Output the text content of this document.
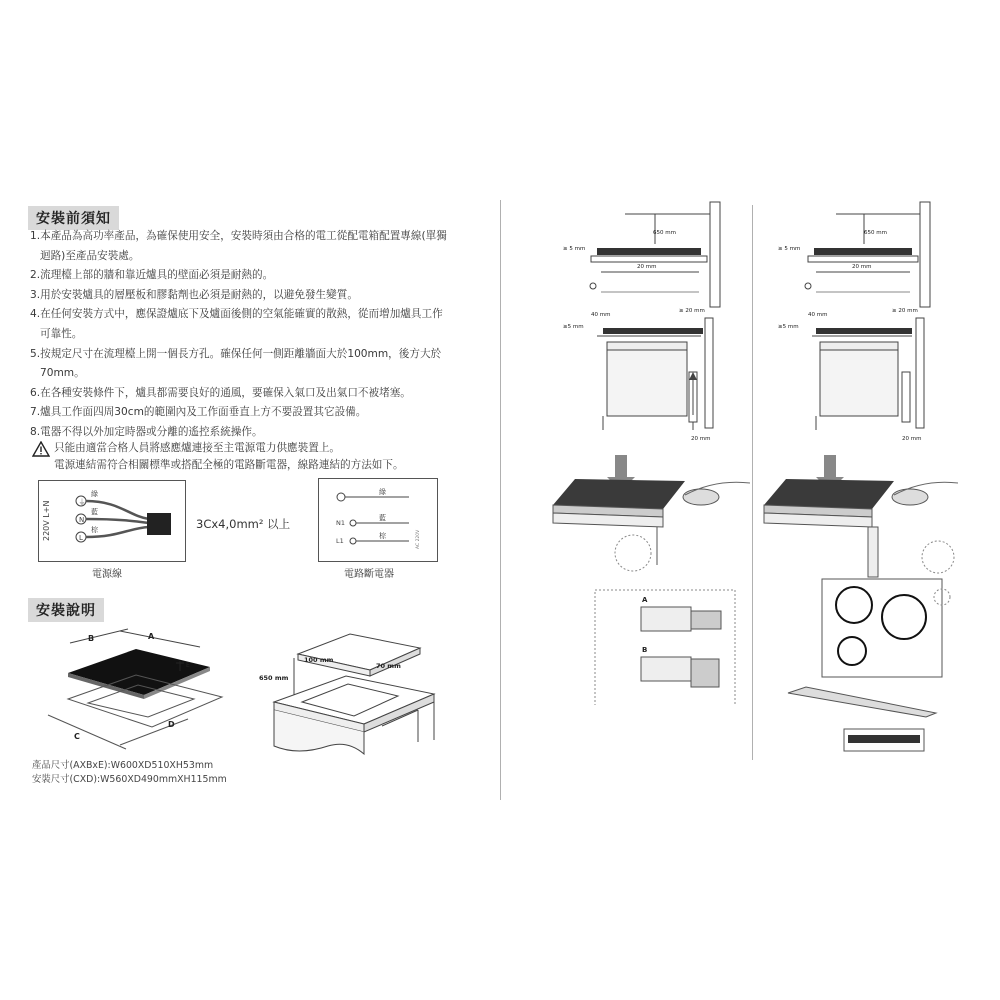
安裝前須知
1.本產品為高功率產品，為確保使用安全，安裝時須由合格的電工從配電箱配置專線(單獨
迴路)至產品安裝處。
2.流理檯上部的牆和靠近爐具的壁面必須是耐熱的。
3.用於安裝爐具的層壓板和膠黏劑也必須是耐熱的，以避免發生變質。
4.在任何安裝方式中，應保證爐底下及爐面後側的空氣能確實的散熱，從而增加爐具工作
可靠性。
5.按規定尺寸在流理檯上開一個長方孔。確保任何一側距離牆面大於100mm，後方大於
70mm。
6.在各種安裝條件下，爐具都需要良好的通風，要確保入氣口及出氣口不被堵塞。
7.爐具工作面四周30cm的範圍內及工作面垂直上方不要設置其它設備。
8.電器不得以外加定時器或分離的遙控系統操作。
只能由適當合格人員將感應爐連接至主電源電力供應裝置上。
電源連結需符合相關標準或搭配全極的電路斷電器，線路連結的方法如下。
220V L+N	⏚
N
L
綠
藍
棕	3Cx4,0mm² 以上
電源線
N1
L1
綠
藍
棕	AC 220V
電路斷電器
安裝說明
B	A
E
C
D
650 mm
100 mm
70 mm
產品尺寸(AXBxE):W600XD510XH53mm
安裝尺寸(CXD):W560XD490mmXH115mm
650 mm
≥ 5 mm
20 mm
≥ 20 mm
40 mm
≥5 mm
20 mm
650 mm
≥ 5 mm
20 mm
≥ 20 mm
40 mm
≥5 mm
20 mm
A
B
